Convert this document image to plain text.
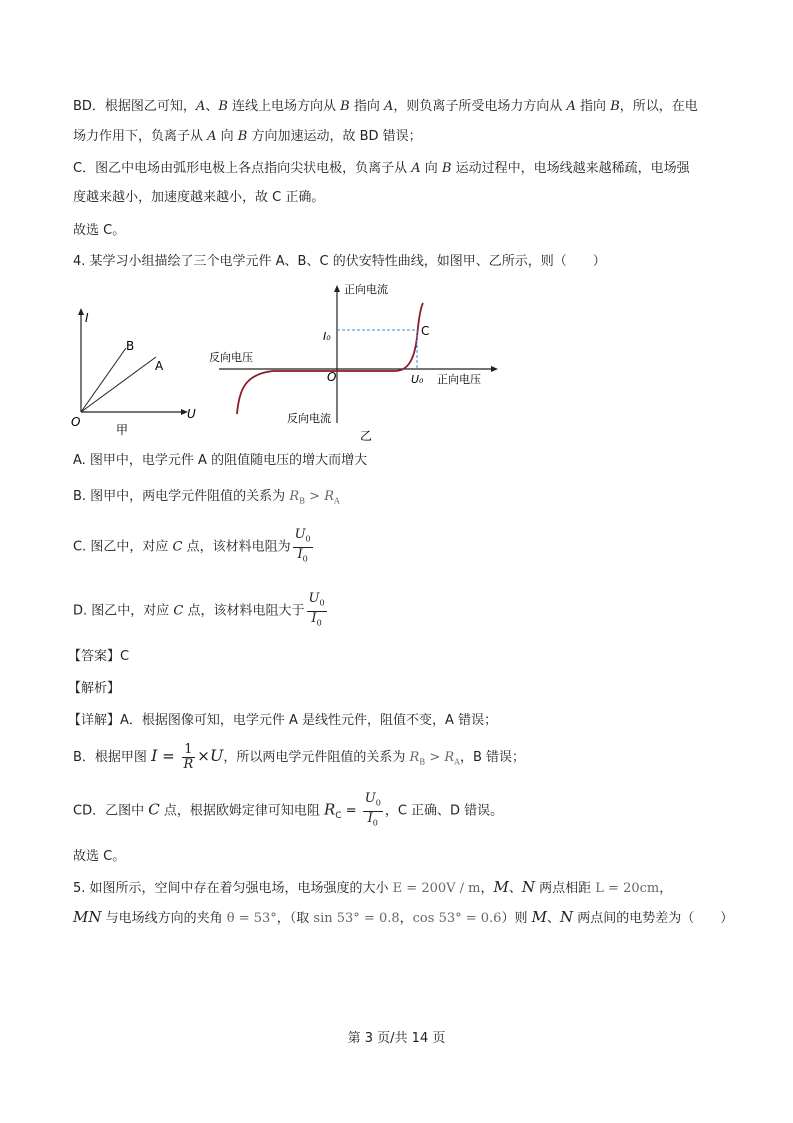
BD．根据图乙可知，A、B 连线上电场方向从 B 指向 A，则负离子所受电场力方向从 A 指向 B，所以，在电
场力作用下，负离子从 A 向 B 方向加速运动，故 BD 错误；
C．图乙中电场由弧形电极上各点指向尖状电极，负离子从 A 向 B 运动过程中，电场线越来越稀疏，电场强
度越来越小，加速度越来越小，故 C 正确。
故选 C。
4. 某学习小组描绘了三个电学元件 A、B、C 的伏安特性曲线，如图甲、乙所示，则（　　）
I
U
O
B
A
甲
正向电流
反向电压
正向电压
反向电流
O
I₀
U₀
C
乙
A. 图甲中，电学元件 A 的阻值随电压的增大而增大
B. 图甲中，两电学元件阻值的关系为 $R_B > R_A$
C. 图乙中，对应 C 点，该材料电阻为 $\frac{U_0}{I_0}$
D. 图乙中，对应 C 点，该材料电阻大于 $\frac{U_0}{I_0}$
【答案】C
【解析】
【详解】A．根据图像可知，电学元件 A 是线性元件，阻值不变，A 错误；
B．根据甲图 $I = \frac{1}{R} \times U$，所以两电学元件阻值的关系为 $R_B > R_A$，B 错误；
CD．乙图中 C 点，根据欧姆定律可知电阻 $R_C = \frac{U_0}{I_0}$ ，C 正确、D 错误。
故选 C。
5. 如图所示，空间中存在着匀强电场，电场强度的大小 E = 200V / m，M、N 两点相距 L = 20cm，
MN 与电场线方向的夹角 θ = 53°，（取 sin 53° = 0.8，cos 53° = 0.6）则 M、N 两点间的电势差为（　　）
第 3 页/共 14 页
